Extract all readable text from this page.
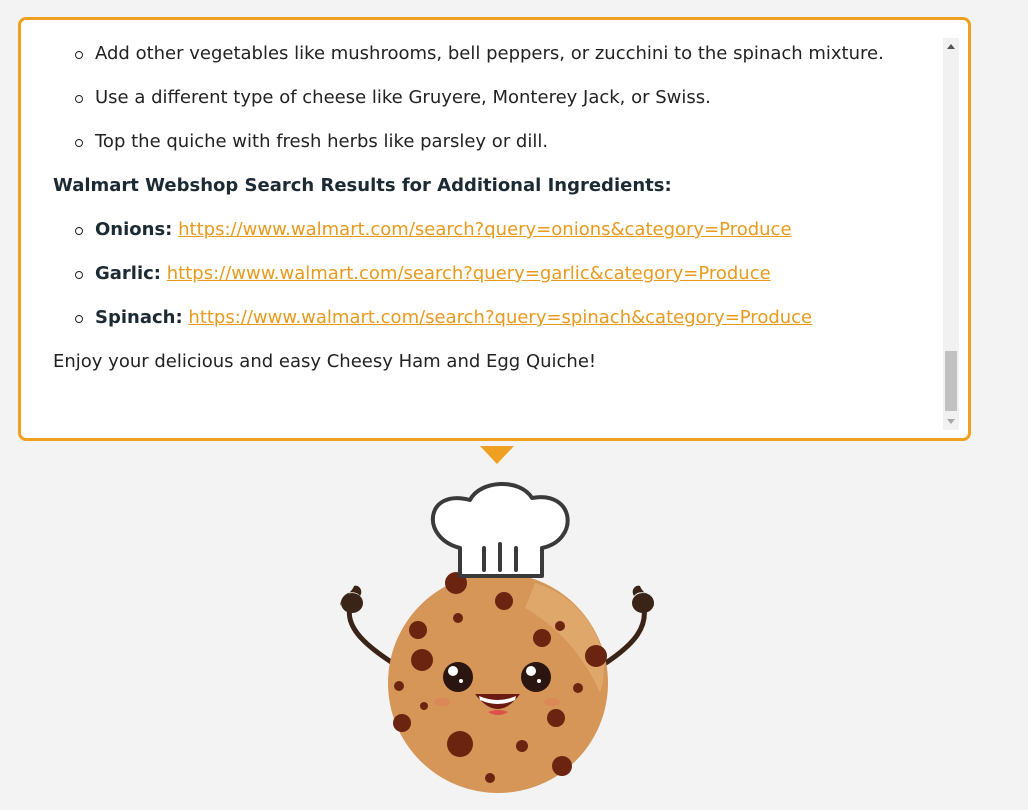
Add other vegetables like mushrooms, bell peppers, or zucchini to the spinach mixture.
Use a different type of cheese like Gruyere, Monterey Jack, or Swiss.
Top the quiche with fresh herbs like parsley or dill.
Walmart Webshop Search Results for Additional Ingredients:
Onions: https://www.walmart.com/search?query=onions&category=Produce
Garlic: https://www.walmart.com/search?query=garlic&category=Produce
Spinach: https://www.walmart.com/search?query=spinach&category=Produce
Enjoy your delicious and easy Cheesy Ham and Egg Quiche!
